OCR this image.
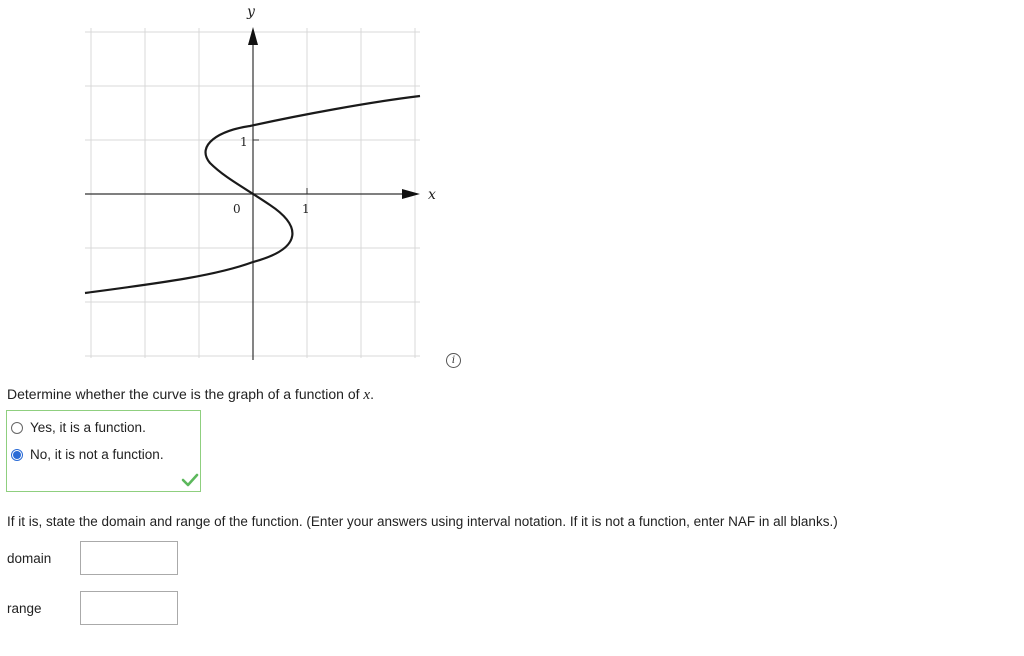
x
y
0	1
1
i
Determine whether the curve is the graph of a function of x.
Yes, it is a function.
No, it is not a function.
If it is, state the domain and range of the function. (Enter your answers using interval notation. If it is not a function, enter NAF in all blanks.)
domain
range
